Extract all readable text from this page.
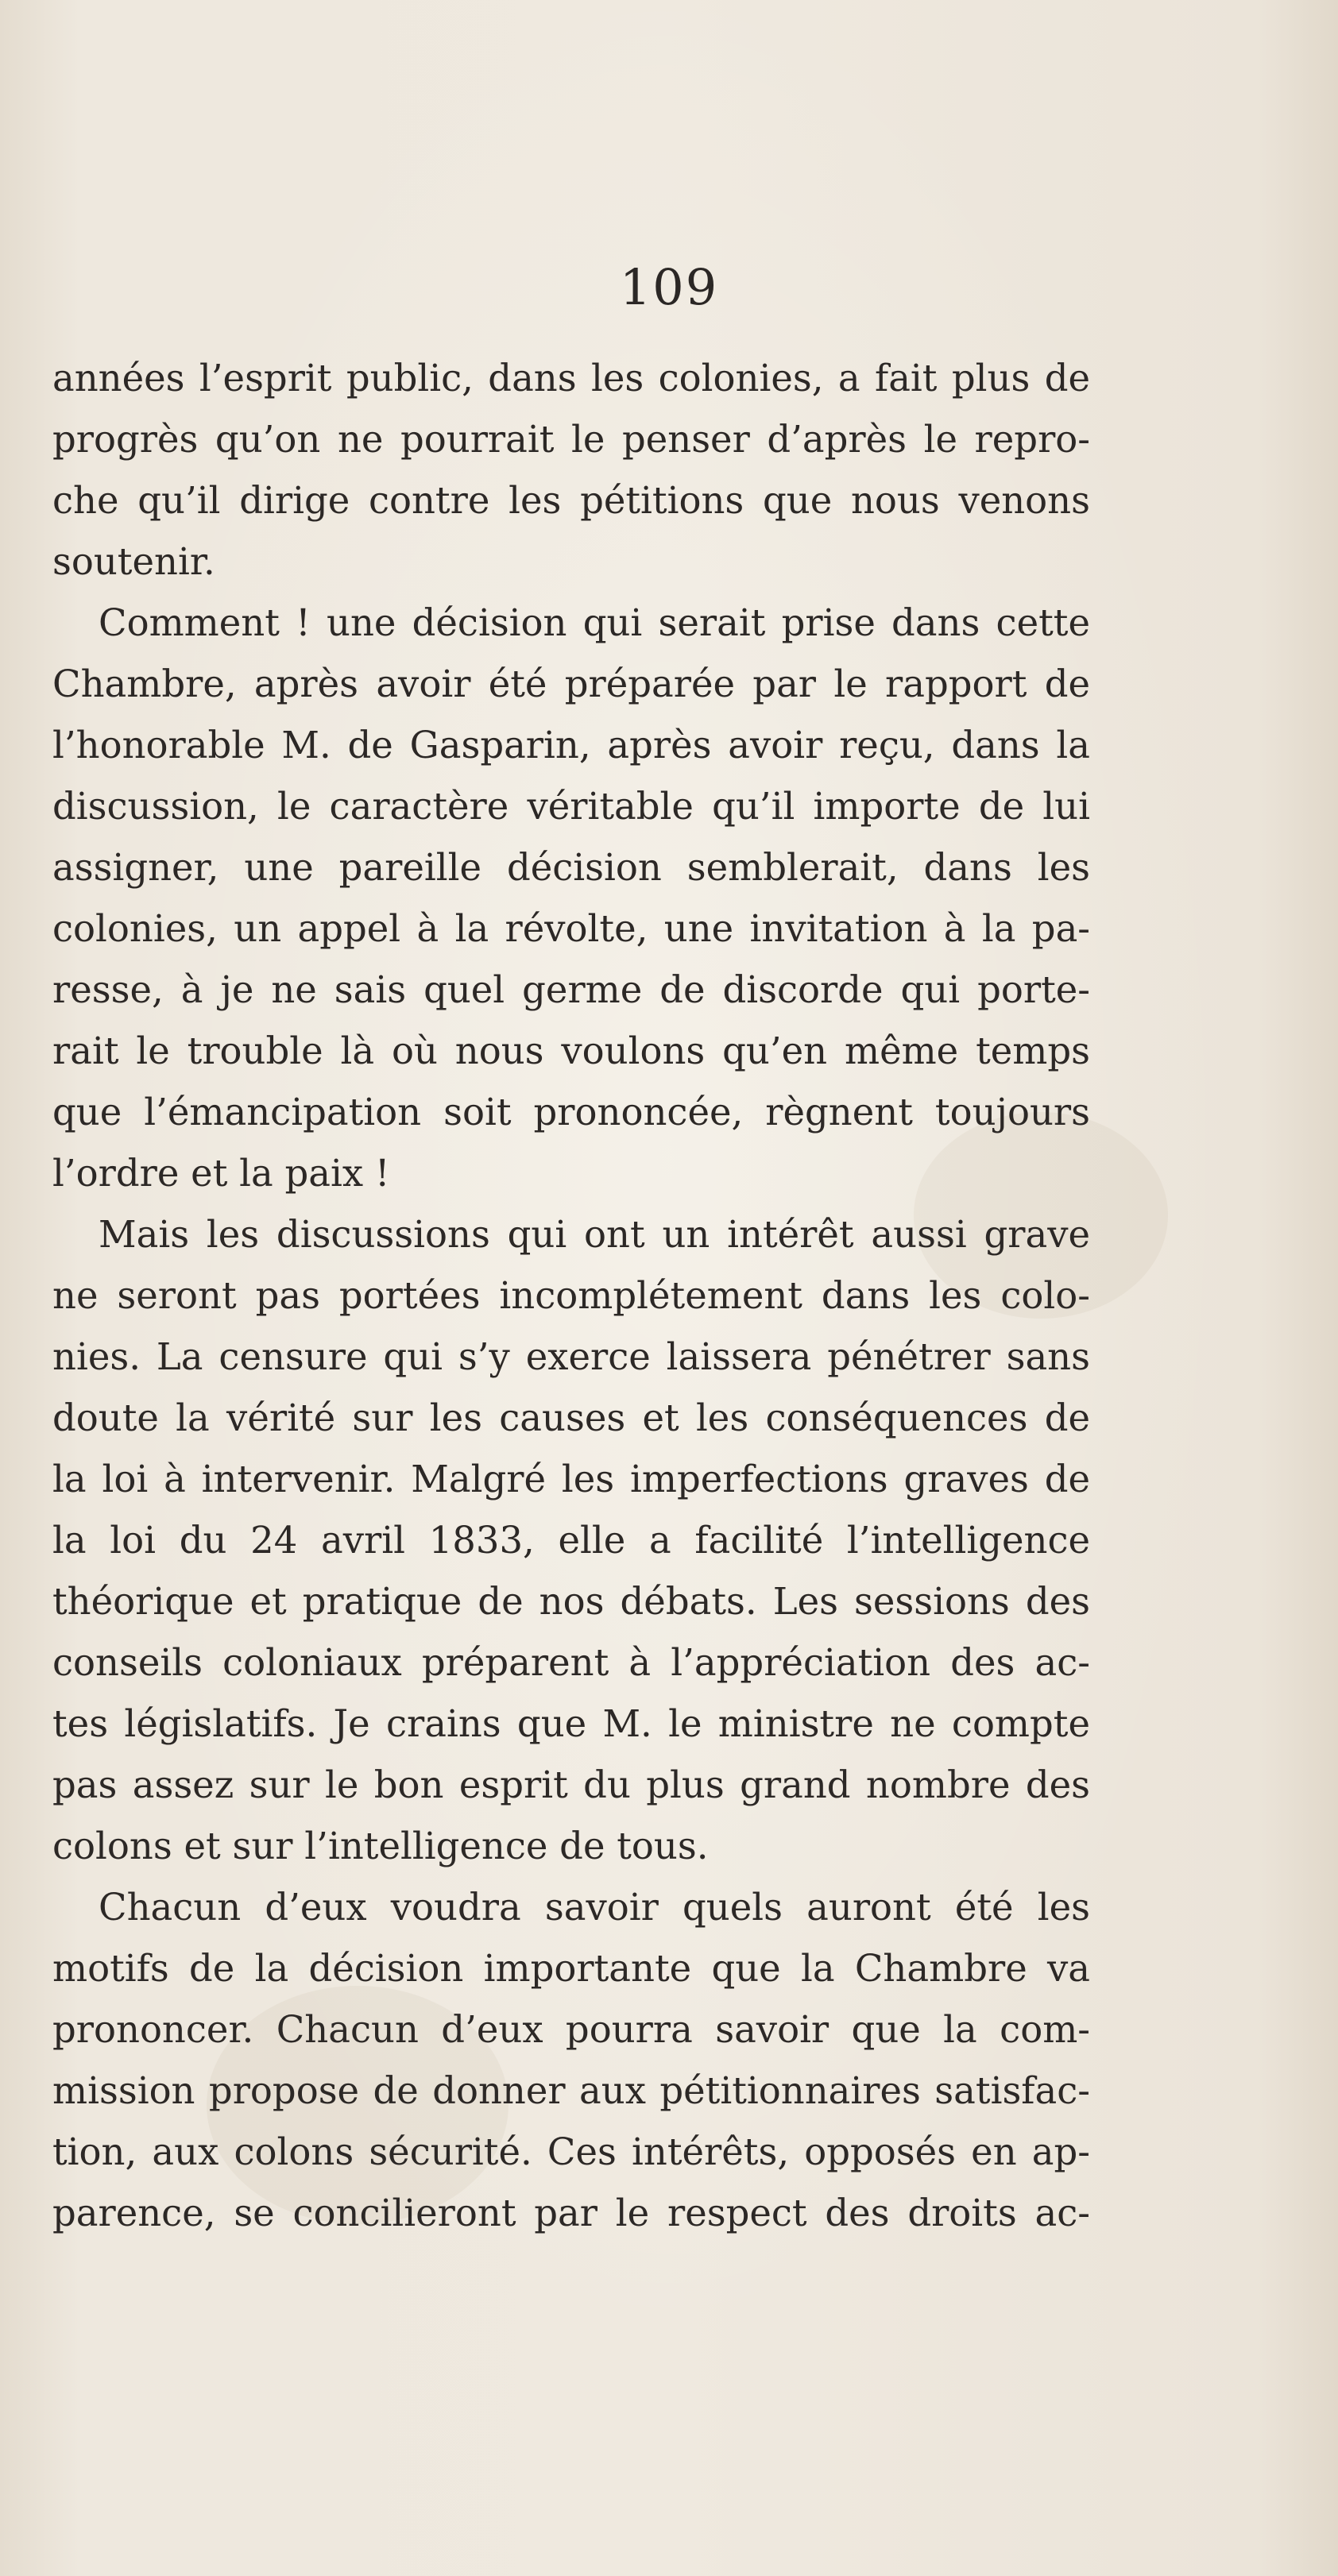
109
années l’esprit public, dans les colonies, a fait plus de
progrès qu’on ne pourrait le penser d’après le repro-
che qu’il dirige contre les pétitions que nous venons
soutenir.
Comment ! une décision qui serait prise dans cette
Chambre, après avoir été préparée par le rapport de
l’honorable M. de Gasparin, après avoir reçu, dans la
discussion, le caractère véritable qu’il importe de lui
assigner, une pareille décision semblerait, dans les
colonies, un appel à la révolte, une invitation à la pa-
resse, à je ne sais quel germe de discorde qui porte-
rait le trouble là où nous voulons qu’en même temps
que l’émancipation soit prononcée, règnent toujours
l’ordre et la paix !
Mais les discussions qui ont un intérêt aussi grave
ne seront pas portées incomplétement dans les colo-
nies. La censure qui s’y exerce laissera pénétrer sans
doute la vérité sur les causes et les conséquences de
la loi à intervenir. Malgré les imperfections graves de
la loi du 24 avril 1833, elle a facilité l’intelligence
théorique et pratique de nos débats. Les sessions des
conseils coloniaux préparent à l’appréciation des ac-
tes législatifs. Je crains que M. le ministre ne compte
pas assez sur le bon esprit du plus grand nombre des
colons et sur l’intelligence de tous.
Chacun d’eux voudra savoir quels auront été les
motifs de la décision importante que la Chambre va
prononcer. Chacun d’eux pourra savoir que la com-
mission propose de donner aux pétitionnaires satisfac-
tion, aux colons sécurité. Ces intérêts, opposés en ap-
parence, se concilieront par le respect des droits ac-
